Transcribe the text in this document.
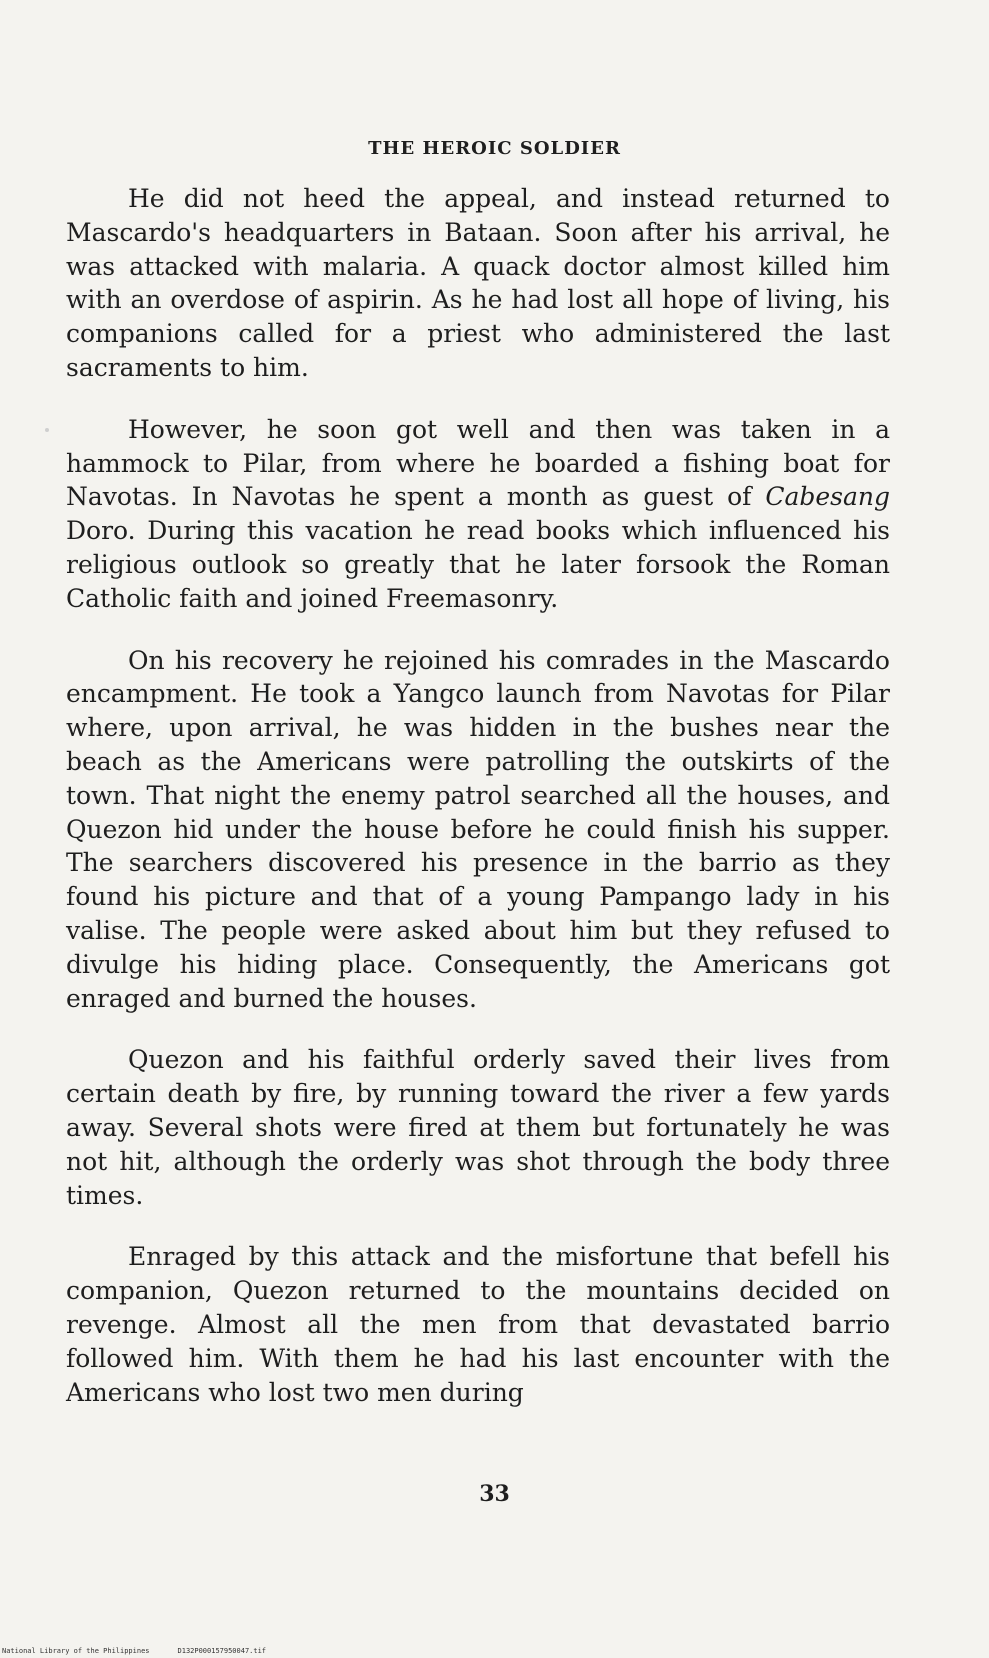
THE HEROIC SOLDIER

He did not heed the appeal, and instead returned to Mascardo's headquarters in Bataan. Soon after his arrival, he was attacked with malaria. A quack doctor almost killed him with an overdose of aspirin. As he had lost all hope of living, his companions called for a priest who administered the last sacraments to him.

However, he soon got well and then was taken in a hammock to Pilar, from where he boarded a fishing boat for Navotas. In Navotas he spent a month as guest of Cabesang Doro. During this vacation he read books which influenced his religious outlook so greatly that he later forsook the Roman Catholic faith and joined Freemasonry.

On his recovery he rejoined his comrades in the Mascardo encampment. He took a Yangco launch from Navotas for Pilar where, upon arrival, he was hidden in the bushes near the beach as the Americans were patrolling the outskirts of the town. That night the enemy patrol searched all the houses, and Quezon hid under the house before he could finish his supper. The searchers discovered his presence in the barrio as they found his picture and that of a young Pampango lady in his valise. The people were asked about him but they refused to divulge his hiding place. Consequently, the Americans got enraged and burned the houses.

Quezon and his faithful orderly saved their lives from certain death by fire, by running toward the river a few yards away. Several shots were fired at them but fortunately he was not hit, although the orderly was shot through the body three times.

Enraged by this attack and the misfortune that befell his companion, Quezon returned to the mountains decided on revenge. Almost all the men from that devastated barrio followed him. With them he had his last encounter with the Americans who lost two men during

33
National Library of the Philippines	D132P000157950047.tif
